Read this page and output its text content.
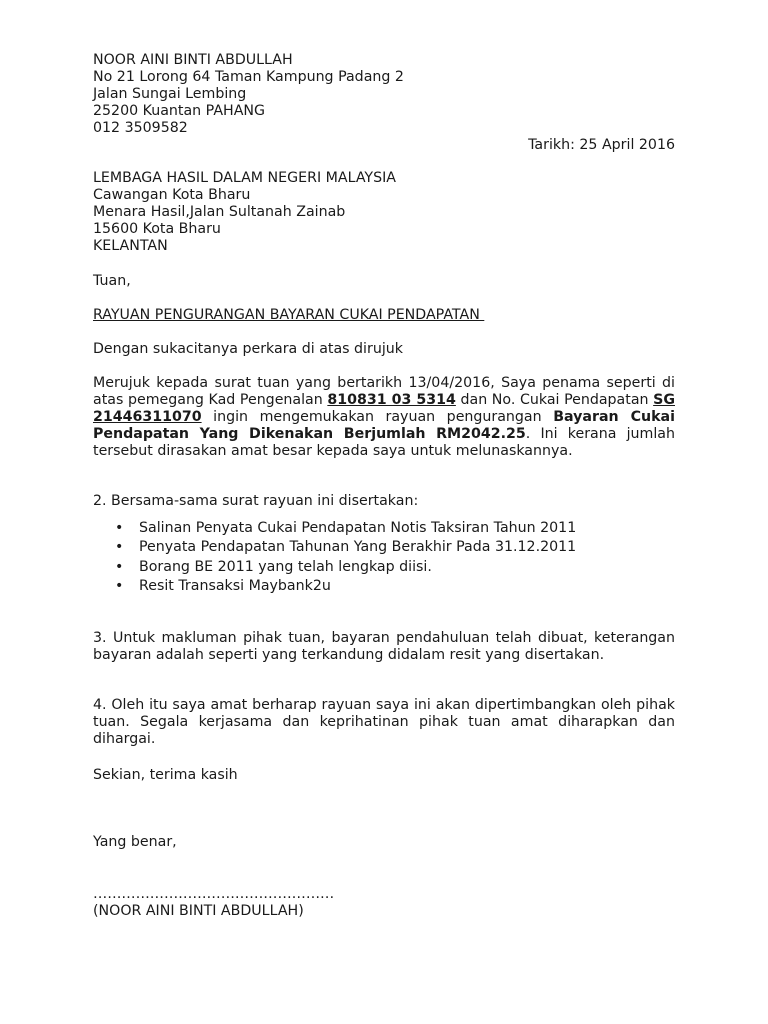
NOOR AINI BINTI ABDULLAH
No 21 Lorong 64 Taman Kampung Padang 2
Jalan Sungai Lembing
25200 Kuantan PAHANG
012 3509582
Tarikh: 25 April 2016
LEMBAGA HASIL DALAM NEGERI MALAYSIA
Cawangan Kota Bharu
Menara Hasil,Jalan Sultanah Zainab
15600 Kota Bharu
KELANTAN
Tuan,
RAYUAN PENGURANGAN BAYARAN CUKAI PENDAPATAN
Dengan sukacitanya perkara di atas dirujuk
Merujuk kepada surat tuan yang bertarikh 13/04/2016, Saya penama seperti di atas pemegang Kad Pengenalan 810831 03 5314 dan No. Cukai Pendapatan SG 21446311070 ingin mengemukakan rayuan pengurangan Bayaran Cukai Pendapatan Yang Dikenakan Berjumlah RM2042.25. Ini kerana jumlah tersebut dirasakan amat besar kepada saya untuk melunaskannya.
2. Bersama-sama surat rayuan ini disertakan:
• Salinan Penyata Cukai Pendapatan Notis Taksiran Tahun 2011
• Penyata Pendapatan Tahunan Yang Berakhir Pada 31.12.2011
• Borang BE 2011 yang telah lengkap diisi.
• Resit Transaksi Maybank2u
3. Untuk makluman pihak tuan, bayaran pendahuluan telah dibuat, keterangan bayaran adalah seperti yang terkandung didalam resit yang disertakan.
4. Oleh itu saya amat berharap rayuan saya ini akan dipertimbangkan oleh pihak tuan. Segala kerjasama dan keprihatinan pihak tuan amat diharapkan dan dihargai.
Sekian, terima kasih
Yang benar,
……………………………………………
(NOOR AINI BINTI ABDULLAH)
